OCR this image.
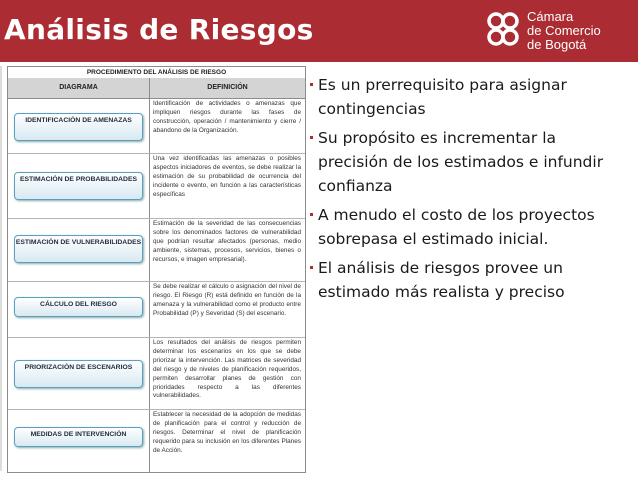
Análisis de Riesgos	Cámara
de Comercio
de Bogotá
PROCEDIMIENTO DEL ANÁLISIS DE RIESGO
DIAGRAMA	DEFINICIÓN
IDENTIFICACIÓN DE AMENAZAS
Identificación de actividades o amenazas que impliquen riesgos durante las fases de construcción, operación / mantenimiento y cierre / abandono de la Organización.
ESTIMACIÓN DE PROBABILIDADES
Una vez identificadas las amenazas o posibles aspectos iniciadores de eventos, se debe realizar la estimación de su probabilidad de ocurrencia del incidente o evento, en función a las características específicas
ESTIMACIÓN DE VULNERABILIDADES
Estimación de la severidad de las consecuencias sobre los denominados factores de vulnerabilidad que podrían resultar afectados (personas, medio ambiente, sistemas, procesos, servicios, bienes o recursos, e imagen empresarial).
CÁLCULO DEL RIESGO
Se debe realizar el cálculo o asignación del nivel de riesgo. El Riesgo (R) está definido en función de la amenaza y la vulnerabilidad como el producto entre Probabilidad (P) y Severidad (S) del escenario.
PRIORIZACIÓN DE ESCENARIOS
Los resultados del análisis de riesgos permiten determinar los escenarios en los que se debe priorizar la intervención. Las matrices de severidad del riesgo y de niveles de planificación requeridos, permiten desarrollar planes de gestión con prioridades respecto a las diferentes vulnerabilidades.
MEDIDAS DE INTERVENCIÓN
Establecer la necesidad de la adopción de medidas de planificación para el control y reducción de riesgos. Determinar el nivel de planificación requerido para su inclusión en los diferentes Planes de Acción.
Es un prerrequisito para asignar contingencias
Su propósito es incrementar la precisión de los estimados e infundir confianza
A menudo el costo de los proyectos sobrepasa el estimado inicial.
El análisis de riesgos provee un estimado más realista y preciso
